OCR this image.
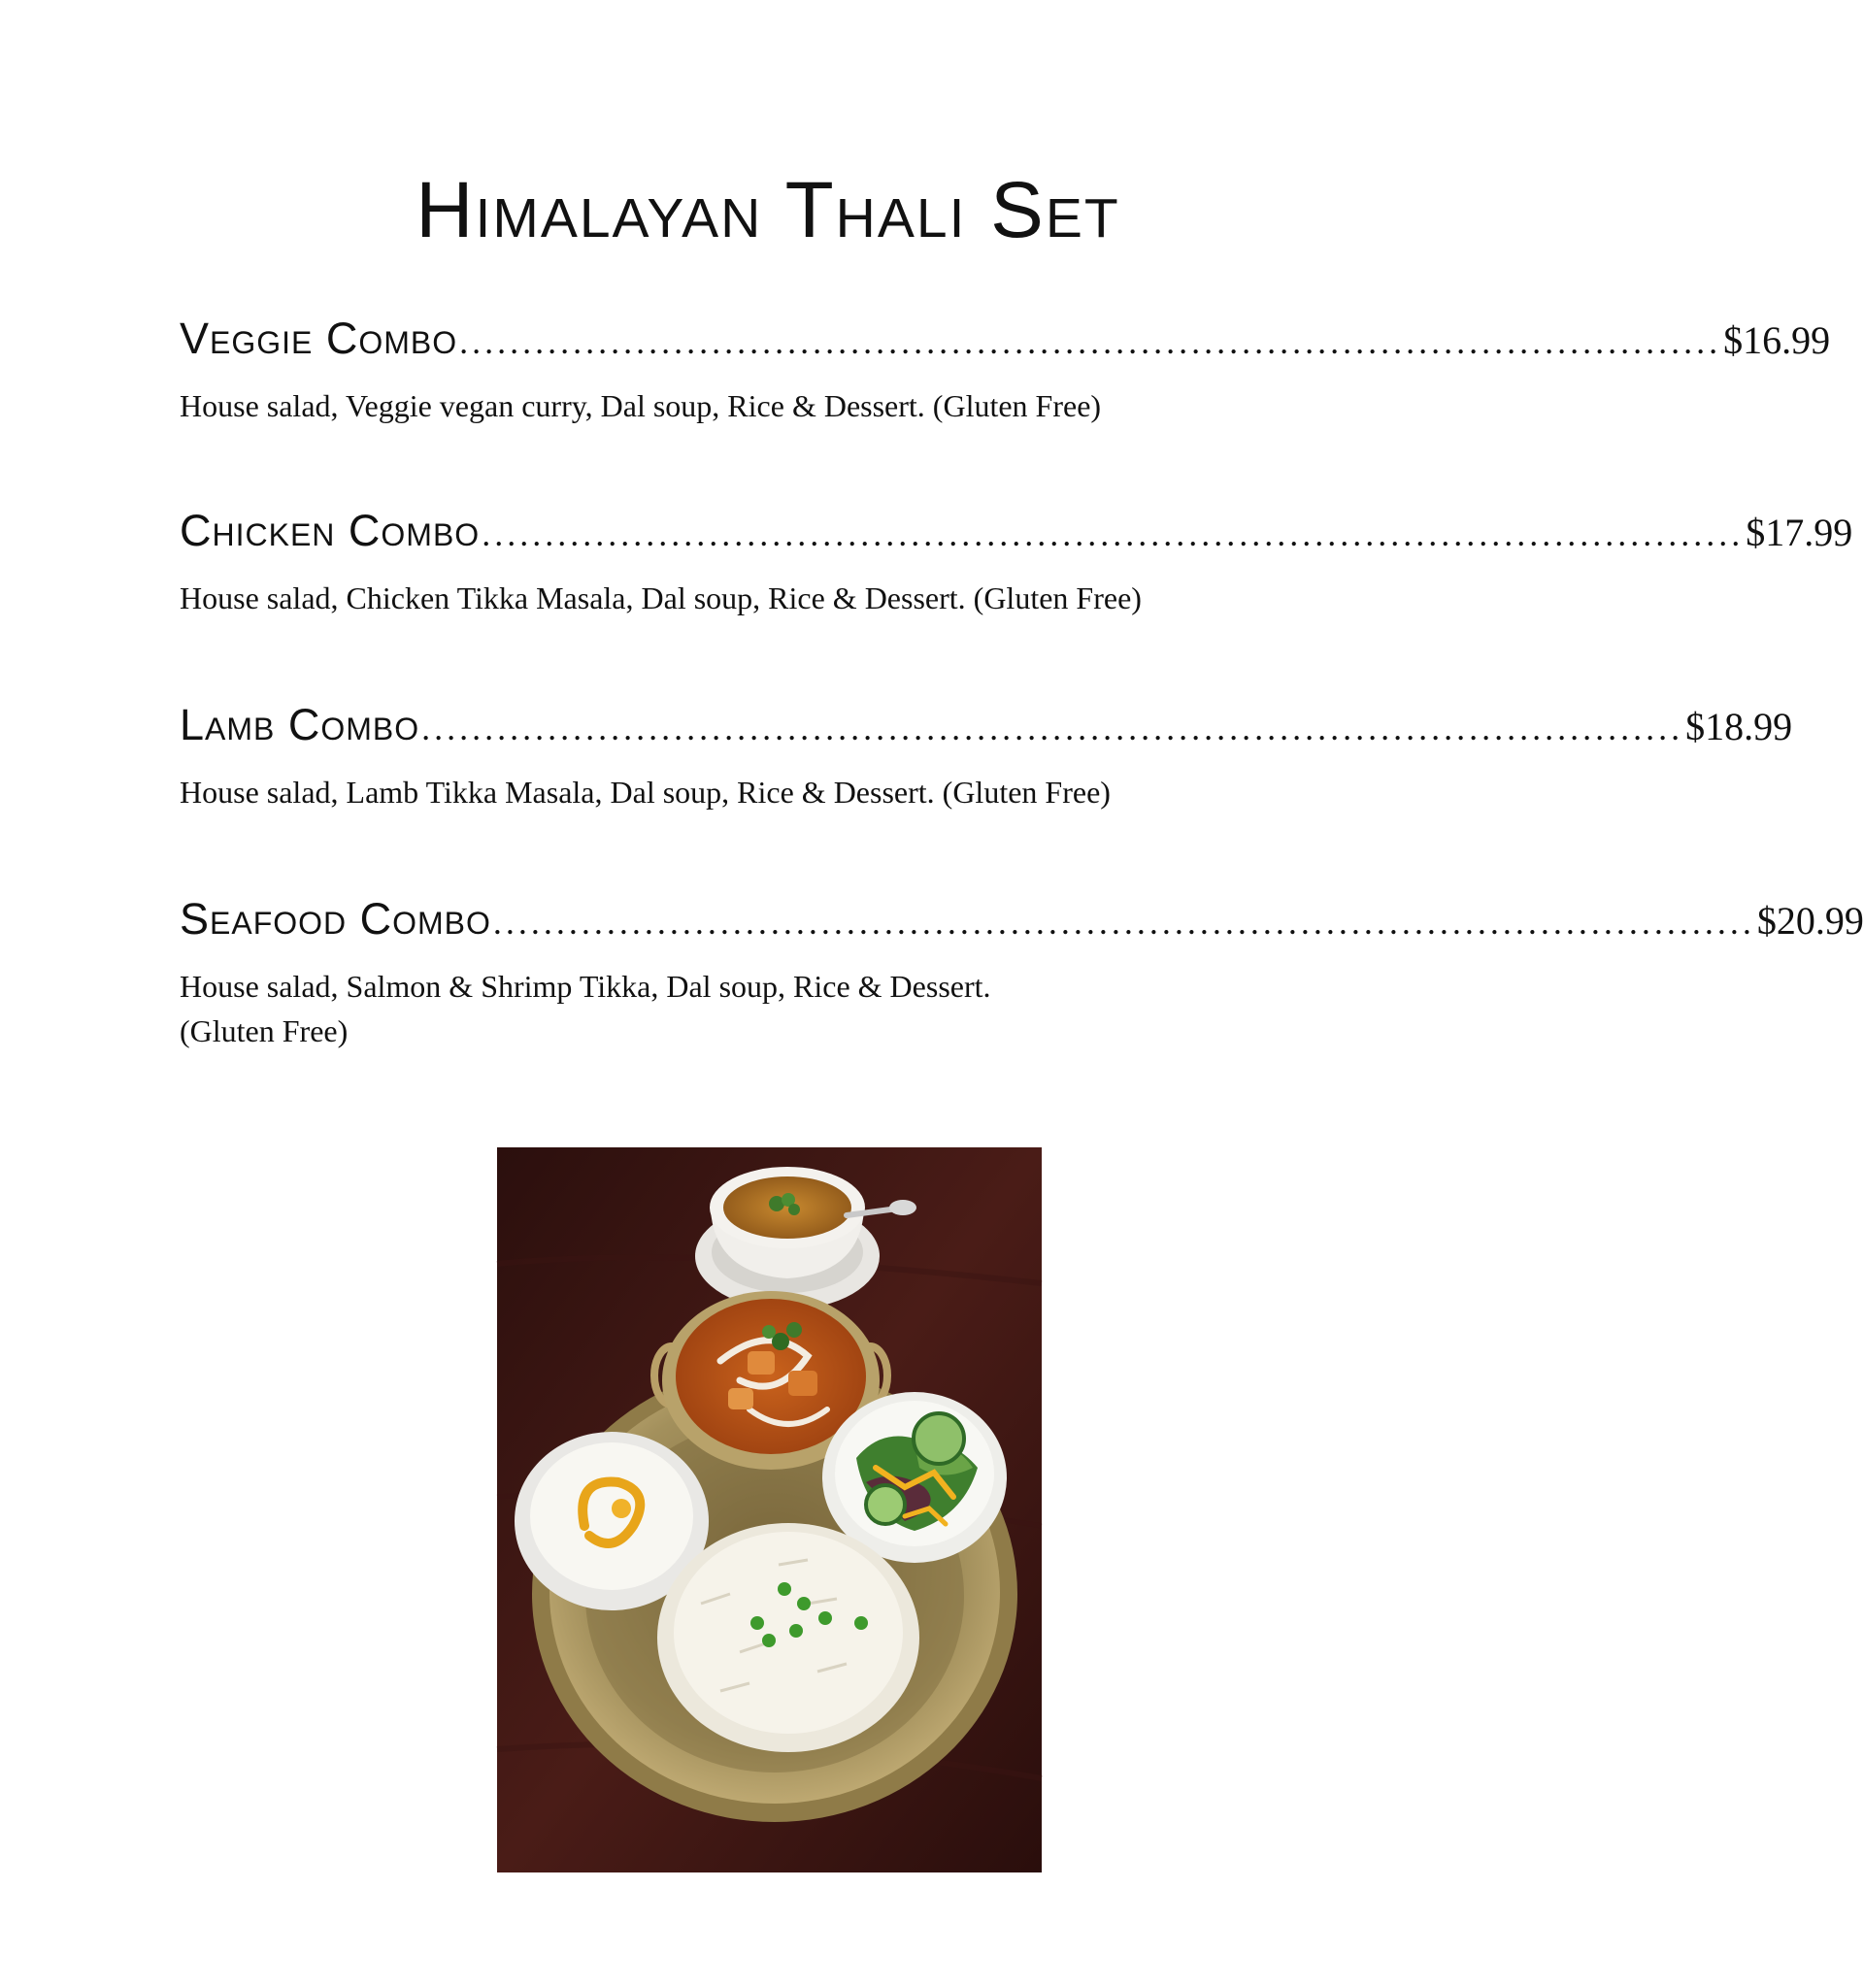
Himalayan Thali Set
Veggie Combo .................................................................................................... $16.99
House salad, Veggie vegan curry, Dal soup, Rice & Dessert. (Gluten Free)
Chicken Combo .................................................................................................... $17.99
House salad, Chicken Tikka Masala, Dal soup, Rice & Dessert. (Gluten Free)
Lamb Combo .................................................................................................... $18.99
House salad, Lamb Tikka Masala, Dal soup, Rice & Dessert. (Gluten Free)
Seafood Combo .................................................................................................... $20.99
House salad, Salmon & Shrimp Tikka, Dal soup, Rice & Dessert.
(Gluten Free)
